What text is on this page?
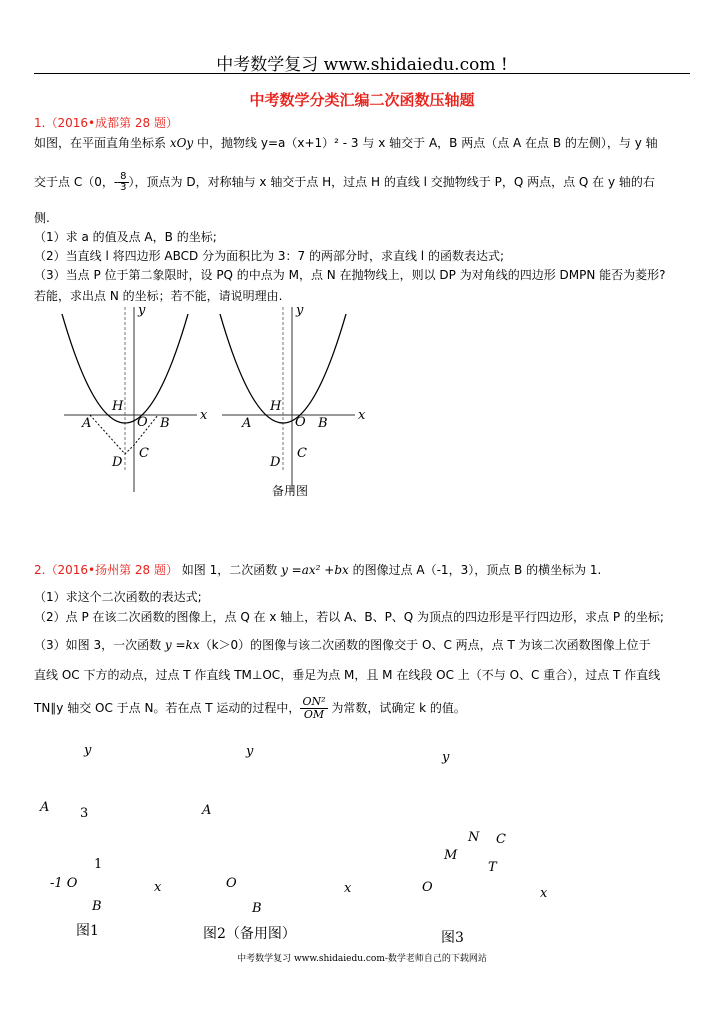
中考数学复习 www.shidaiedu.com !
中考数学分类汇编二次函数压轴题
1.（2016•成都第 28 题）
如图，在平面直角坐标系 xOy 中，抛物线 y=a（x+1）² - 3 与 x 轴交于 A，B 两点（点 A 在点 B 的左侧），与 y 轴
交于点 C（0，- $\frac{8}{3}$ ），顶点为 D，对称轴与 x 轴交于点 H，过点 H 的直线 l 交抛物线于 P，Q 两点，点 Q 在 y 轴的右
侧.
（1）求 a 的值及点 A，B 的坐标;
（2）当直线 l 将四边形 ABCD 分为面积比为 3：7 的两部分时，求直线 l 的函数表达式;
（3）当点 P 位于第二象限时，设 PQ 的中点为 M，点 N 在抛物线上，则以 DP 为对角线的四边形 DMPN 能否为菱形?
若能，求出点 N 的坐标；若不能，请说明理由.
y
x
H
A	O B
D
C
y
x
H
A	O B
D
C
备用图
2.（2016•扬州第 28 题） 如图 1，二次函数 y =ax² +bx 的图像过点 A（-1，3），顶点 B 的横坐标为 1.
（1）求这个二次函数的表达式;
（2）点 P 在该二次函数的图像上，点 Q 在 x 轴上，若以 A、B、P、Q 为顶点的四边形是平行四边形，求点 P 的坐标;
（3）如图 3，一次函数 y =kx（k＞0）的图像与该二次函数的图像交于 O、C 两点，点 T 为该二次函数图像上位于
直线 OC 下方的动点，过点 T 作直线 TM⊥OC，垂足为点 M，且 M 在线段 OC 上（不与 O、C 重合），过点 T 作直线
TN∥y 轴交 OC 于点 N。若在点 T 运动的过程中， $\frac{\text{ON²}}{OM}$ 为常数，试确定 k 的值。
y
A 3
1
-1 O	x
B
图1
y
A
O	x
B
图2（备用图）
y
N C
M
T
O	x
图3
中考数学复习 www.shidaiedu.com-数学老师自己的下载网站
